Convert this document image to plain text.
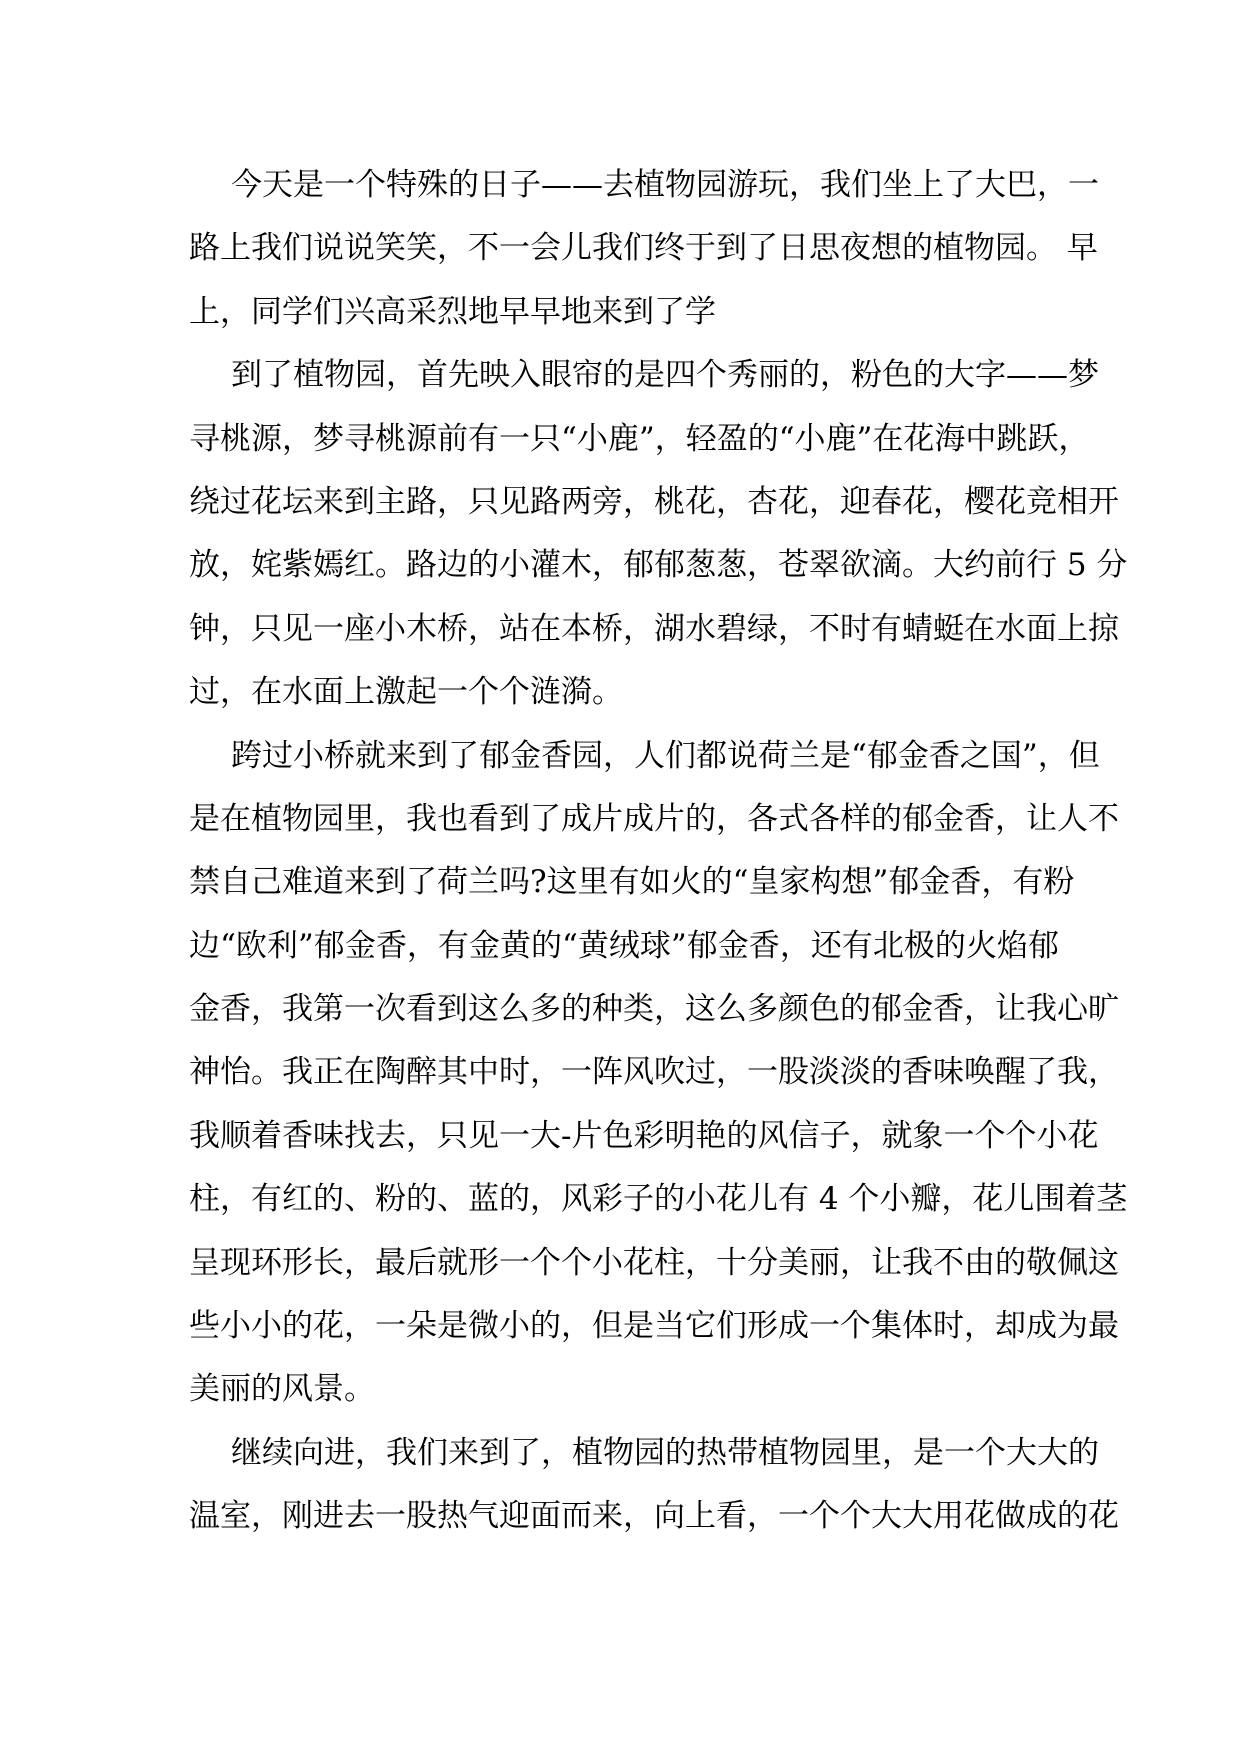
今天是一个特殊的日子——去植物园游玩，我们坐上了大巴，一
路上我们说说笑笑，不一会儿我们终于到了日思夜想的植物园。 早
上，同学们兴高采烈地早早地来到了学
到了植物园，首先映入眼帘的是四个秀丽的，粉色的大字——梦
寻桃源，梦寻桃源前有一只“小鹿”，轻盈的“小鹿”在花海中跳跃，
绕过花坛来到主路，只见路两旁，桃花，杏花，迎春花，樱花竞相开
放，姹紫嫣红。路边的小灌木，郁郁葱葱，苍翠欲滴。大约前行 5 分
钟，只见一座小木桥，站在本桥，湖水碧绿，不时有蜻蜓在水面上掠
过，在水面上激起一个个涟漪。
跨过小桥就来到了郁金香园，人们都说荷兰是“郁金香之国”，但
是在植物园里，我也看到了成片成片的，各式各样的郁金香，让人不
禁自己难道来到了荷兰吗?这里有如火的“皇家构想”郁金香，有粉
边“欧利”郁金香，有金黄的“黄绒球”郁金香，还有北极的火焰郁
金香，我第一次看到这么多的种类，这么多颜色的郁金香，让我心旷
神怡。我正在陶醉其中时，一阵风吹过，一股淡淡的香味唤醒了我，
我顺着香味找去，只见一大-片色彩明艳的风信子，就象一个个小花
柱，有红的、粉的、蓝的，风彩子的小花儿有 4 个小瓣，花儿围着茎
呈现环形长，最后就形一个个小花柱，十分美丽，让我不由的敬佩这
些小小的花，一朵是微小的，但是当它们形成一个集体时，却成为最
美丽的风景。
继续向进，我们来到了，植物园的热带植物园里，是一个大大的
温室，刚进去一股热气迎面而来，向上看，一个个大大用花做成的花
